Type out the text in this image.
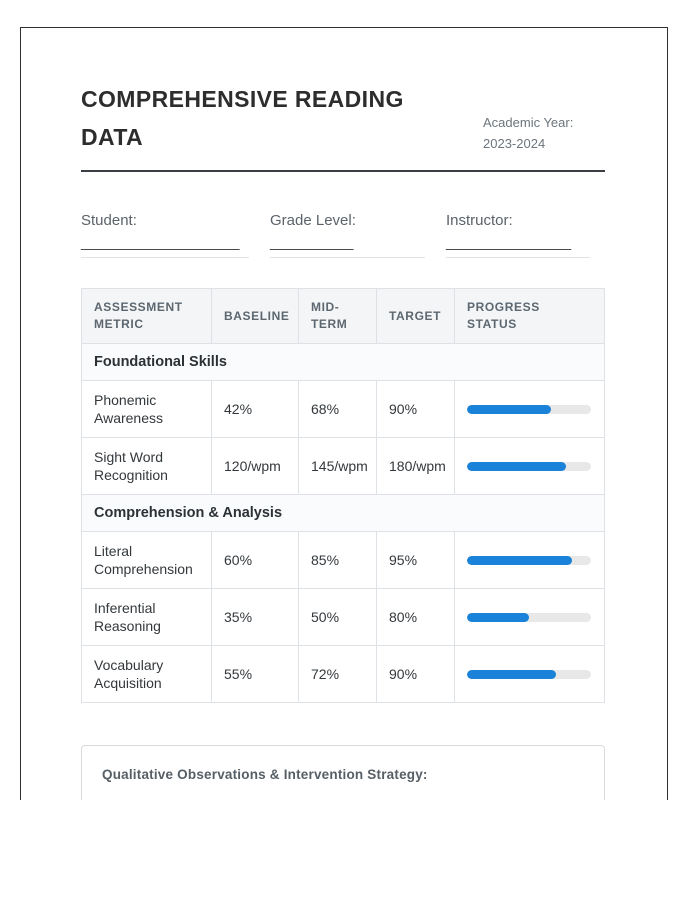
COMPREHENSIVE READING DATA
Academic Year: 2023-2024
Student: ___________________
Grade Level: __________
Instructor: _______________
ASSESSMENT METRIC	BASELINE	MID-TERM	TARGET	PROGRESS STATUS
Foundational Skills				
Phonemic Awareness	42%	68%	90%	

Sight Word Recognition	120/wpm	145/wpm	180/wpm	

Comprehension & Analysis				
Literal Comprehension	60%	85%	95%	

Inferential Reasoning	35%	50%	80%	

Vocabulary Acquisition	55%	72%	90%	
Qualitative Observations & Intervention Strategy:
